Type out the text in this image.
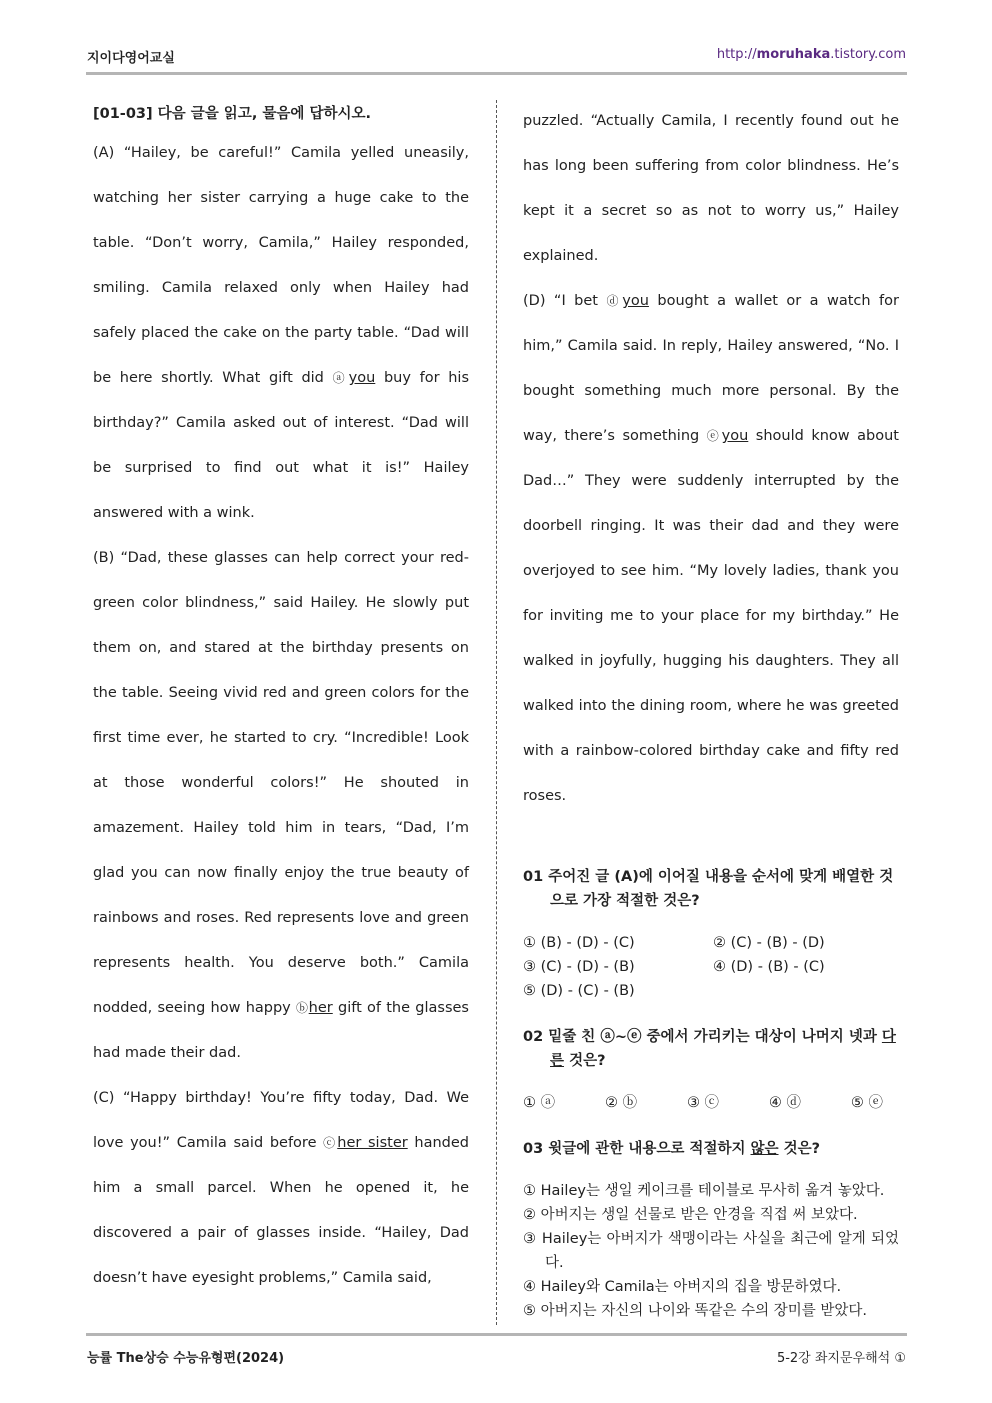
지이다영어교실	http://moruhaka.tistory.com
[01-03] 다음 글을 읽고, 물음에 답하시오.

(A) “Hailey, be careful!” Camila yelled uneasily, watching her sister carrying a huge cake to the table. “Don’t worry, Camila,” Hailey responded, smiling. Camila relaxed only when Hailey had safely placed the cake on the party table. “Dad will be here shortly. What gift did ⓐyou buy for his birthday?” Camila asked out of interest. “Dad will be surprised to find out what it is!” Hailey answered with a wink.

(B) “Dad, these glasses can help correct your red-green color blindness,” said Hailey. He slowly put them on, and stared at the birthday presents on the table. Seeing vivid red and green colors for the first time ever, he started to cry. “Incredible! Look at those wonderful colors!” He shouted in amazement. Hailey told him in tears, “Dad, I’m glad you can now finally enjoy the true beauty of rainbows and roses. Red represents love and green represents health. You deserve both.” Camila nodded, seeing how happy ⓑher gift of the glasses had made their dad.

(C) “Happy birthday! You’re fifty today, Dad. We love you!” Camila said before ⓒher sister handed him a small parcel. When he opened it, he discovered a pair of glasses inside. “Hailey, Dad doesn’t have eyesight problems,” Camila said,

puzzled. “Actually Camila, I recently found out he has long been suffering from color blindness. He’s kept it a secret so as not to worry us,” Hailey explained.

(D) “I bet ⓓyou bought a wallet or a watch for him,” Camila said. In reply, Hailey answered, “No. I bought something much more personal. By the way, there’s something ⓔyou should know about Dad…” They were suddenly interrupted by the doorbell ringing. It was their dad and they were overjoyed to see him. “My lovely ladies, thank you for inviting me to your place for my birthday.” He walked in joyfully, hugging his daughters. They all walked into the dining room, where he was greeted with a rainbow-colored birthday cake and fifty red roses.

01 주어진 글 (A)에 이어질 내용을 순서에 맞게 배열한 것으로 가장 적절한 것은?
① (B) - (D) - (C)	② (C) - (B) - (D)
③ (C) - (D) - (B)	④ (D) - (B) - (C)
⑤ (D) - (C) - (B)
02 밑줄 친 ⓐ~ⓔ 중에서 가리키는 대상이 나머지 넷과 다른 것은?
① ⓐ	② ⓑ	③ ⓒ	④ ⓓ	⑤ ⓔ
03 윗글에 관한 내용으로 적절하지 않은 것은?
① Hailey는 생일 케이크를 테이블로 무사히 옮겨 놓았다.
② 아버지는 생일 선물로 받은 안경을 직접 써 보았다.
③ Hailey는 아버지가 색맹이라는 사실을 최근에 알게 되었다.
④ Hailey와 Camila는 아버지의 집을 방문하였다.
⑤ 아버지는 자신의 나이와 똑같은 수의 장미를 받았다.
능률 The상승 수능유형편(2024)	5-2강 좌지문우해석 ①
